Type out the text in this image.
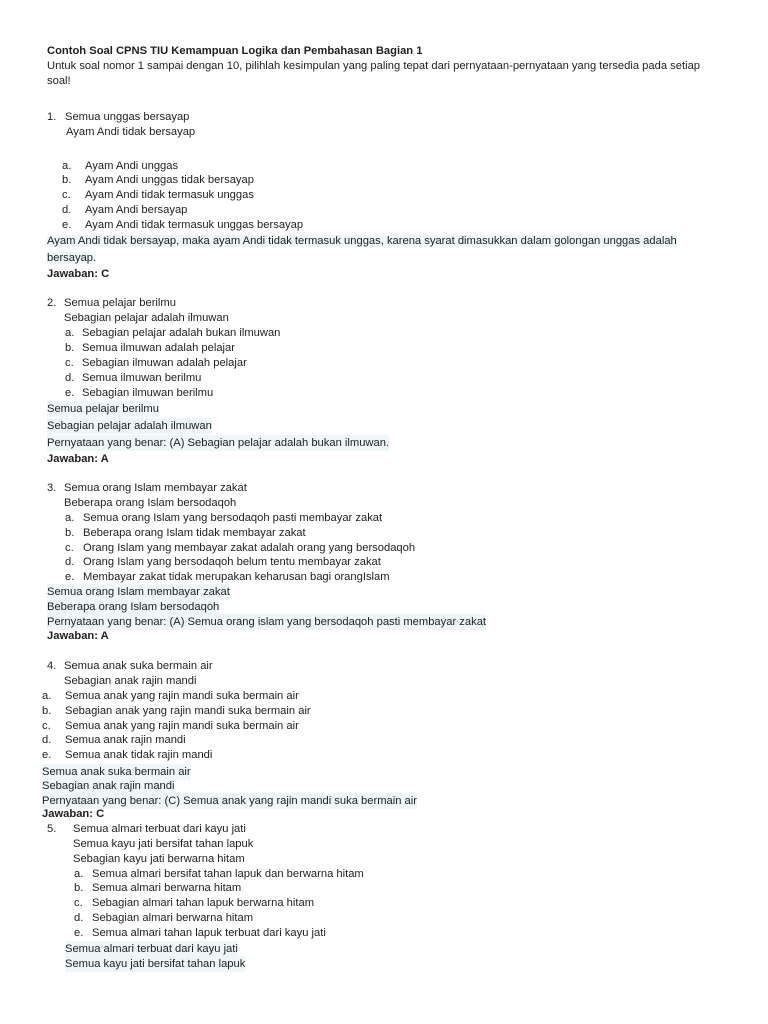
Contoh Soal CPNS TIU Kemampuan Logika dan Pembahasan Bagian 1
Untuk soal nomor 1 sampai dengan 10, pilihlah kesimpulan yang paling tepat dari pernyataan-pernyataan yang tersedia pada setiap soal!
1. Semua unggas bersayap
Ayam Andi tidak bersayap
a. Ayam Andi unggas
b. Ayam Andi unggas tidak bersayap
c. Ayam Andi tidak termasuk unggas
d. Ayam Andi bersayap
e. Ayam Andi tidak termasuk unggas bersayap
Ayam Andi tidak bersayap, maka ayam Andi tidak termasuk unggas, karena syarat dimasukkan dalam golongan unggas adalah bersayap.
Jawaban: C
2. Semua pelajar berilmu
Sebagian pelajar adalah ilmuwan
a. Sebagian pelajar adalah bukan ilmuwan
b. Semua ilmuwan adalah pelajar
c. Sebagian ilmuwan adalah pelajar
d. Semua ilmuwan berilmu
e. Sebagian ilmuwan berilmu
Semua pelajar berilmu
Sebagian pelajar adalah ilmuwan
Pernyataan yang benar: (A) Sebagian pelajar adalah bukan ilmuwan.
Jawaban: A
3. Semua orang Islam membayar zakat
Beberapa orang Islam bersodaqoh
a. Semua orang Islam yang bersodaqoh pasti membayar zakat
b. Beberapa orang Islam tidak membayar zakat
c. Orang Islam yang membayar zakat adalah orang yang bersodaqoh
d. Orang Islam yang bersodaqoh belum tentu membayar zakat
e. Membayar zakat tidak merupakan keharusan bagi orangIslam
Semua orang Islam membayar zakat
Beberapa orang Islam bersodaqoh
Pernyataan yang benar: (A) Semua orang islam yang bersodaqoh pasti membayar zakat
Jawaban: A
4. Semua anak suka bermain air
Sebagian anak rajin mandi
a. Semua anak yang rajin mandi suka bermain air
b. Sebagian anak yang rajin mandi suka bermain air
c. Semua anak yang rajin mandi suka bermain air
d. Semua anak rajin mandi
e. Semua anak tidak rajin mandi
Semua anak suka bermain air
Sebagian anak rajin mandi
Pernyataan yang benar: (C) Semua anak yang rajin mandi suka bermain air
Jawaban: C
5. Semua almari terbuat dari kayu jati
Semua kayu jati bersifat tahan lapuk
Sebagian kayu jati berwarna hitam
a. Semua almari bersifat tahan lapuk dan berwarna hitam
b. Semua almari berwarna hitam
c. Sebagian almari tahan lapuk berwarna hitam
d. Sebagian almari berwarna hitam
e. Semua almari tahan lapuk terbuat dari kayu jati
Semua almari terbuat dari kayu jati
Semua kayu jati bersifat tahan lapuk
